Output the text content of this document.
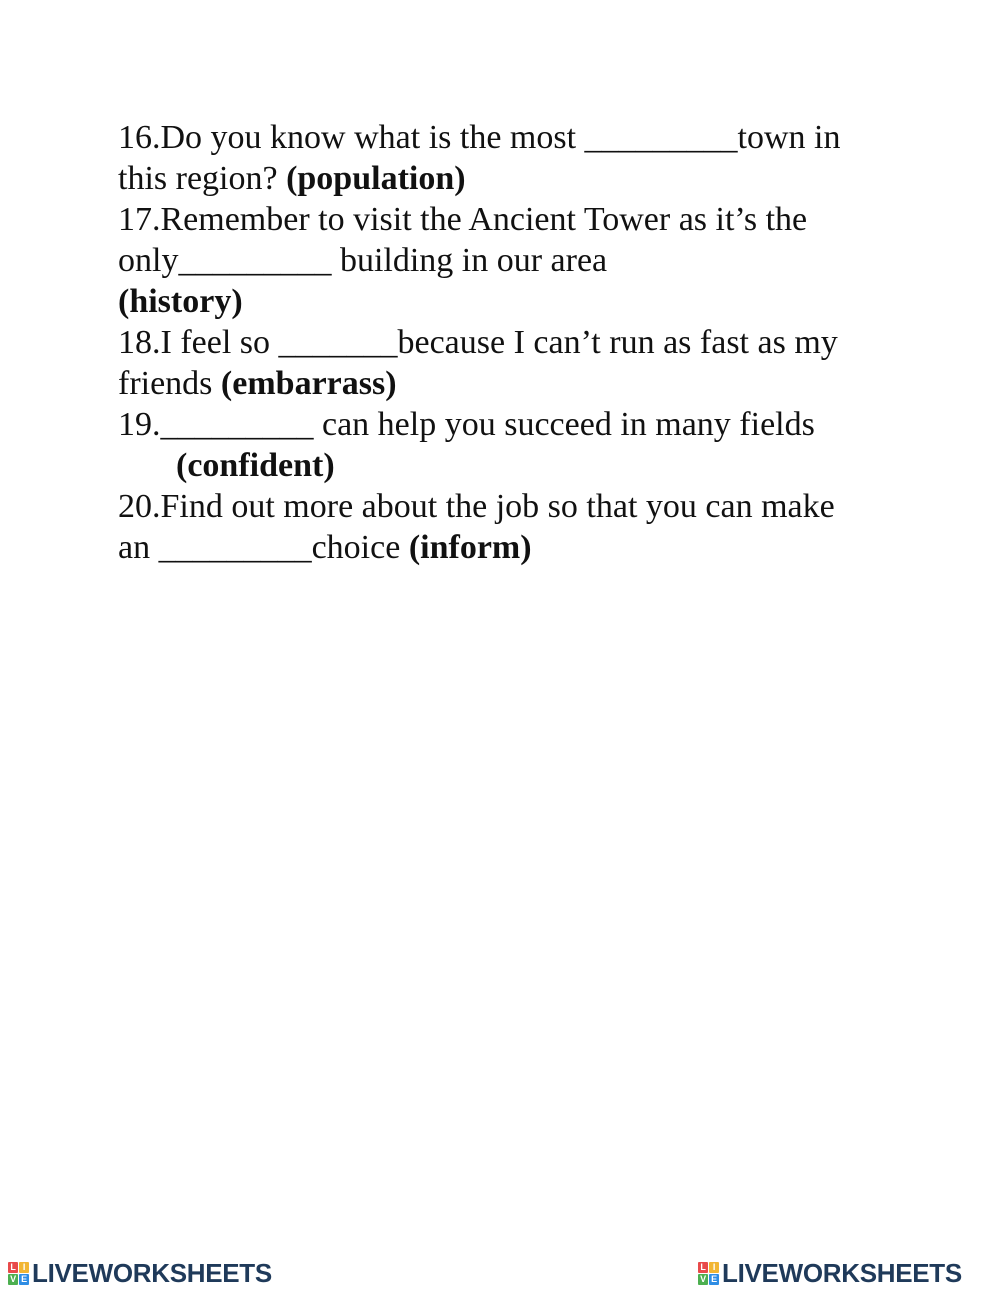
16.Do you know what is the most _________town in
this region? (population)
17.Remember to visit the Ancient Tower as it’s the
only_________ building in our area
(history)
18.I feel so _______because I can’t run as fast as my
friends (embarrass)
19._________ can help you succeed in many fields
(confident)
20.Find out more about the job so that you can make
an _________choice (inform)
L I
V E LIVEWORKSHEETS	L I
V E LIVEWORKSHEETS
